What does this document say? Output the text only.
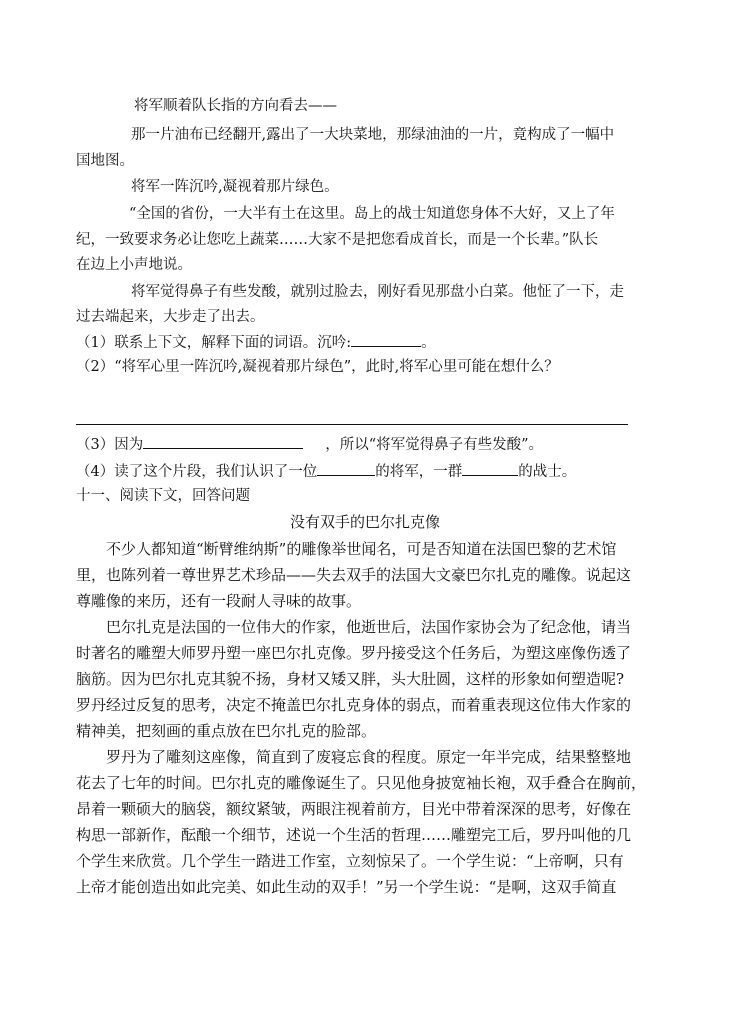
将军顺着队长指的方向看去——
那一片油布已经翻开,露出了一大块菜地，那绿油油的一片，竟构成了一幅中
国地图。
将军一阵沉吟,凝视着那片绿色。
“全国的省份，一大半有土在这里。岛上的战士知道您身体不大好，又上了年
纪，一致要求务必让您吃上蔬菜……大家不是把您看成首长，而是一个长辈。”队长
在边上小声地说。
将军觉得鼻子有些发酸，就别过脸去，刚好看见那盘小白菜。他怔了一下，走
过去端起来，大步走了出去。
（1）联系上下文，解释下面的词语。沉吟:	。
（2）“将军心里一阵沉吟,凝视着那片绿色”，此时,将军心里可能在想什么？
（3）因为	，所以“将军觉得鼻子有些发酸”。
（4）读了这个片段，我们认识了一位	的将军，一群	的战士。
十一、阅读下文，回答问题
没有双手的巴尔扎克像
不少人都知道“断臂维纳斯”的雕像举世闻名，可是否知道在法国巴黎的艺术馆
里，也陈列着一尊世界艺术珍品——失去双手的法国大文豪巴尔扎克的雕像。说起这
尊雕像的来历，还有一段耐人寻味的故事。
巴尔扎克是法国的一位伟大的作家，他逝世后，法国作家协会为了纪念他，请当
时著名的雕塑大师罗丹塑一座巴尔扎克像。罗丹接受这个任务后，为塑这座像伤透了
脑筋。因为巴尔扎克其貌不扬，身材又矮又胖，头大肚圆，这样的形象如何塑造呢?
罗丹经过反复的思考，决定不掩盖巴尔扎克身体的弱点，而着重表现这位伟大作家的
精神美，把刻画的重点放在巴尔扎克的脸部。
罗丹为了雕刻这座像，简直到了废寝忘食的程度。原定一年半完成，结果整整地
花去了七年的时间。巴尔扎克的雕像诞生了。只见他身披宽袖长袍，双手叠合在胸前，
昂着一颗硕大的脑袋，额纹紧皱，两眼注视着前方，目光中带着深深的思考，好像在
构思一部新作，酝酿一个细节，述说一个生活的哲理……雕塑完工后，罗丹叫他的几
个学生来欣赏。几个学生一踏进工作室，立刻惊呆了。一个学生说：“上帝啊，只有
上帝才能创造出如此完美、如此生动的双手！”另一个学生说：“是啊，这双手简直
